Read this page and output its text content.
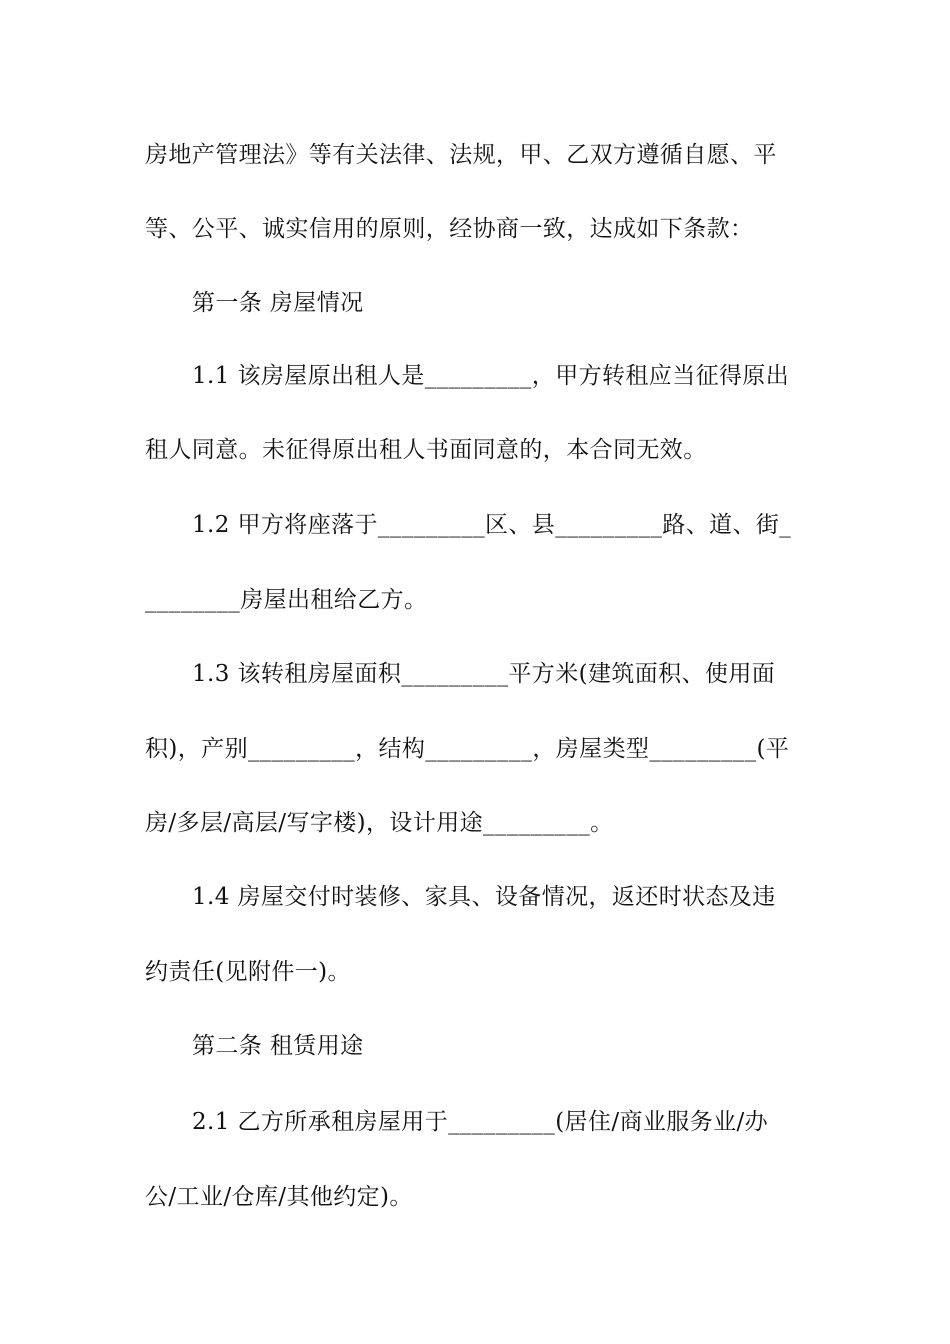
房地产管理法》等有关法律、法规，甲、乙双方遵循自愿、平

等、公平、诚实信用的原则，经协商一致，达成如下条款：

第一条 房屋情况

1.1 该房屋原出租人是_________，甲方转租应当征得原出

租人同意。未征得原出租人书面同意的，本合同无效。

1.2 甲方将座落于_________区、县_________路、道、街_

________房屋出租给乙方。

1.3 该转租房屋面积_________平方米(建筑面积、使用面

积)，产别_________，结构_________，房屋类型_________(平

房/多层/高层/写字楼)，设计用途_________。

1.4 房屋交付时装修、家具、设备情况，返还时状态及违

约责任(见附件一)。

第二条 租赁用途

2.1 乙方所承租房屋用于_________(居住/商业服务业/办

公/工业/仓库/其他约定)。
